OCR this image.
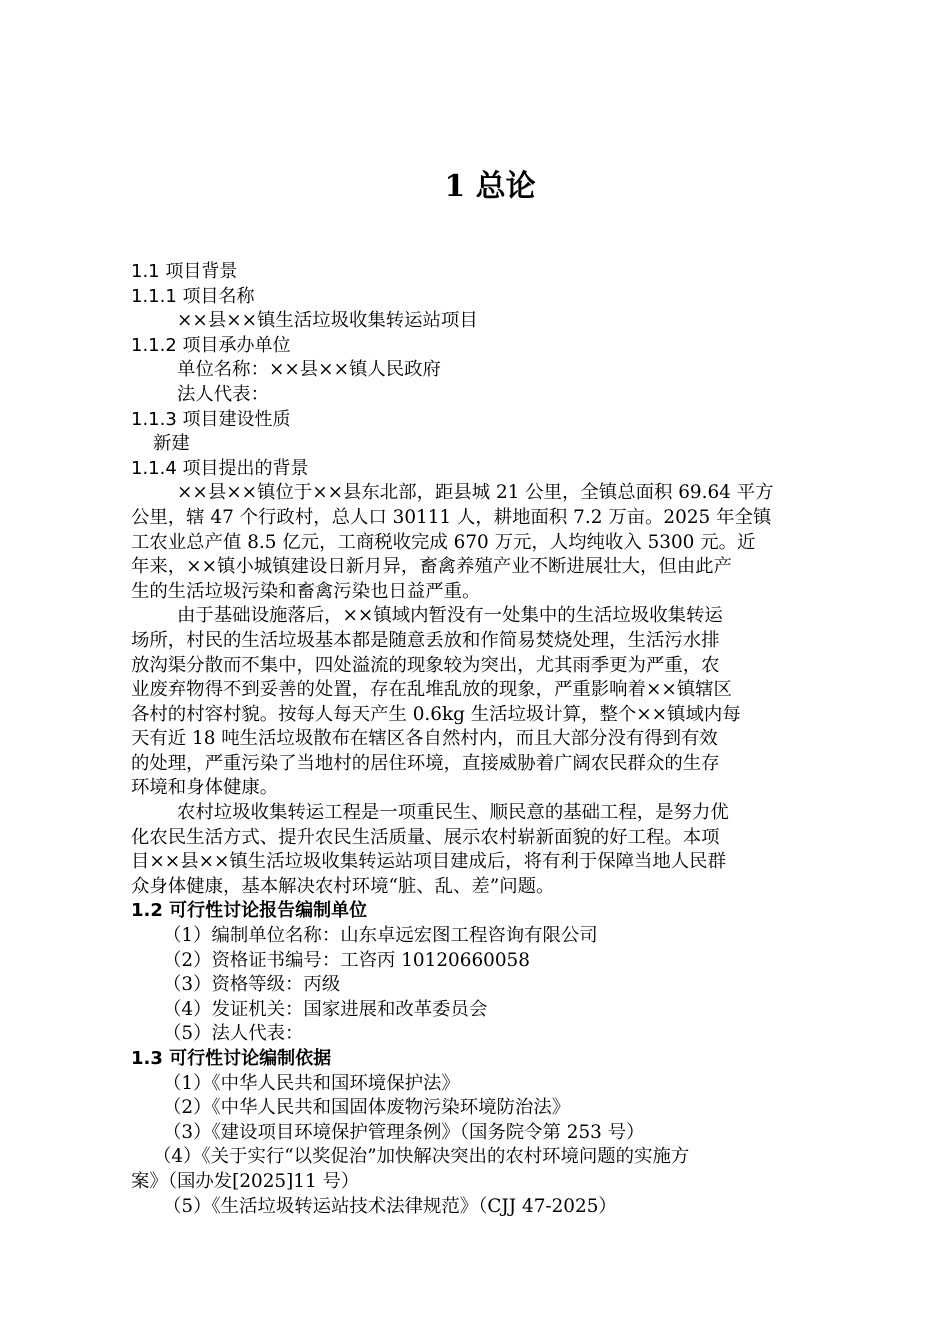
1 总论
1.1 项目背景
1.1.1 项目名称
××县××镇生活垃圾收集转运站项目
1.1.2 项目承办单位
单位名称：××县××镇人民政府
法人代表：
1.1.3 项目建设性质
新建
1.1.4 项目提出的背景
××县××镇位于××县东北部，距县城 21 公里，全镇总面积 69.64 平方
公里，辖 47 个行政村，总人口 30111 人，耕地面积 7.2 万亩。2025 年全镇
工农业总产值 8.5 亿元，工商税收完成 670 万元，人均纯收入 5300 元。近
年来，××镇小城镇建设日新月异，畜禽养殖产业不断进展壮大，但由此产
生的生活垃圾污染和畜禽污染也日益严重。
由于基础设施落后，××镇域内暂没有一处集中的生活垃圾收集转运
场所，村民的生活垃圾基本都是随意丢放和作简易焚烧处理，生活污水排
放沟渠分散而不集中，四处溢流的现象较为突出，尤其雨季更为严重，农
业废弃物得不到妥善的处置，存在乱堆乱放的现象，严重影响着××镇辖区
各村的村容村貌。按每人每天产生 0.6kg 生活垃圾计算，整个××镇域内每
天有近 18 吨生活垃圾散布在辖区各自然村内，而且大部分没有得到有效
的处理，严重污染了当地村的居住环境，直接威胁着广阔农民群众的生存
环境和身体健康。
农村垃圾收集转运工程是一项重民生、顺民意的基础工程，是努力优
化农民生活方式、提升农民生活质量、展示农村崭新面貌的好工程。本项
目××县××镇生活垃圾收集转运站项目建成后，将有利于保障当地人民群
众身体健康，基本解决农村环境“脏、乱、差”问题。
1.2 可行性讨论报告编制单位
（1）编制单位名称：山东卓远宏图工程咨询有限公司
（2）资格证书编号：工咨丙 10120660058
（3）资格等级：丙级
（4）发证机关：国家进展和改革委员会
（5）法人代表：
1.3 可行性讨论编制依据
（1）《中华人民共和国环境保护法》
（2）《中华人民共和国固体废物污染环境防治法》
（3）《建设项目环境保护管理条例》（国务院令第 253 号）
（4）《关于实行“以奖促治”加快解决突出的农村环境问题的实施方
案》（国办发[2025]11 号）
（5）《生活垃圾转运站技术法律规范》（CJJ 47-2025）
